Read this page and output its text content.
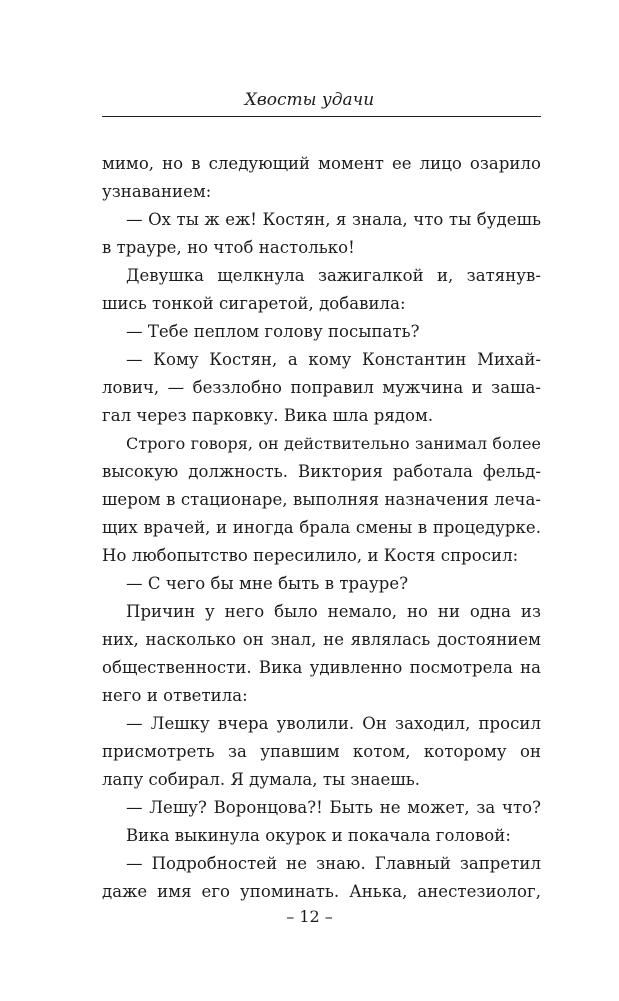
Хвосты удачи
мимо, но в следующий момент ее лицо озарило
узнаванием:
— Ох ты ж еж! Костян, я знала, что ты будешь
в трауре, но чтоб настолько!
Девушка щелкнула зажигалкой и, затянув-
шись тонкой сигаретой, добавила:
— Тебе пеплом голову посыпать?
— Кому Костян, а кому Константин Михай-
лович, — беззлобно поправил мужчина и заша-
гал через парковку. Вика шла рядом.
Строго говоря, он действительно занимал более
высокую должность. Виктория работала фельд-
шером в стационаре, выполняя назначения леча-
щих врачей, и иногда брала смены в процедурке.
Но любопытство пересилило, и Костя спросил:
— С чего бы мне быть в трауре?
Причин у него было немало, но ни одна из
них, насколько он знал, не являлась достоянием
общественности. Вика удивленно посмотрела на
него и ответила:
— Лешку вчера уволили. Он заходил, просил
присмотреть за упавшим котом, которому он
лапу собирал. Я думала, ты знаешь.
— Лешу? Воронцова?! Быть не может, за что?
Вика выкинула окурок и покачала головой:
— Подробностей не знаю. Главный запретил
даже имя его упоминать. Анька, анестезиолог,
– 12 –
